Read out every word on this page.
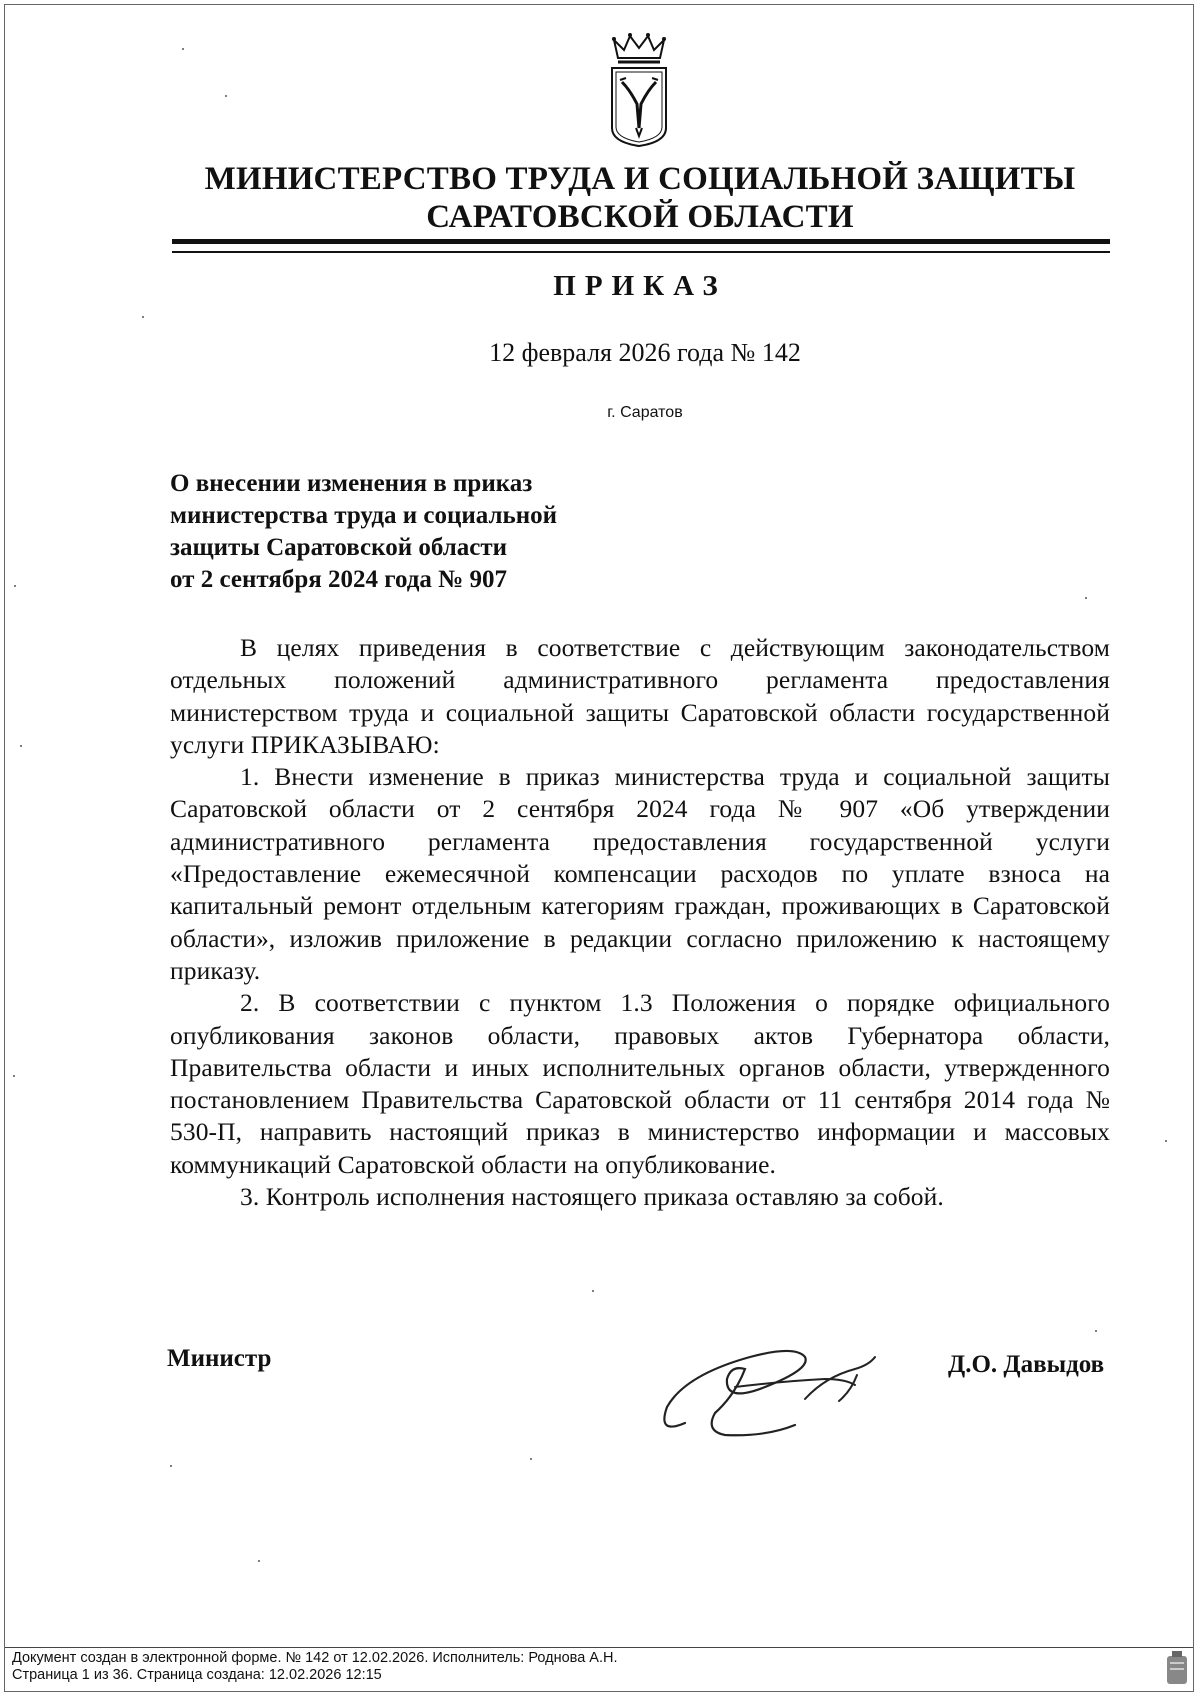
МИНИСТЕРСТВО ТРУДА И СОЦИАЛЬНОЙ ЗАЩИТЫ
САРАТОВСКОЙ ОБЛАСТИ
ПРИКАЗ
12 февраля 2026 года № 142
г. Саратов
О внесении изменения в приказ
министерства труда и социальной
защиты Саратовской области
от 2 сентября 2024 года № 907

В целях приведения в соответствие с действующим законодательством отдельных положений административного регламента предоставления министерством труда и социальной защиты Саратовской области государственной услуги ПРИКАЗЫВАЮ:

1. Внести изменение в приказ министерства труда и социальной защиты Саратовской области от 2 сентября 2024 года № 907 «Об утверждении административного регламента предоставления государственной услуги «Предоставление ежемесячной компенсации расходов по уплате взноса на капитальный ремонт отдельным категориям граждан, проживающих в Саратовской области», изложив приложение в редакции согласно приложению к настоящему приказу.

2. В соответствии с пунктом 1.3 Положения о порядке официального опубликования законов области, правовых актов Губернатора области, Правительства области и иных исполнительных органов области, утвержденного постановлением Правительства Саратовской области от 11 сентября 2014 года № 530-П, направить настоящий приказ в министерство информации и массовых коммуникаций Саратовской области на опубликование.

3. Контроль исполнения настоящего приказа оставляю за собой.

Министр	Д.О. Давыдов
Документ создан в электронной форме. № 142 от 12.02.2026. Исполнитель: Роднова А.Н.
Страница 1 из 36. Страница создана: 12.02.2026 12:15
